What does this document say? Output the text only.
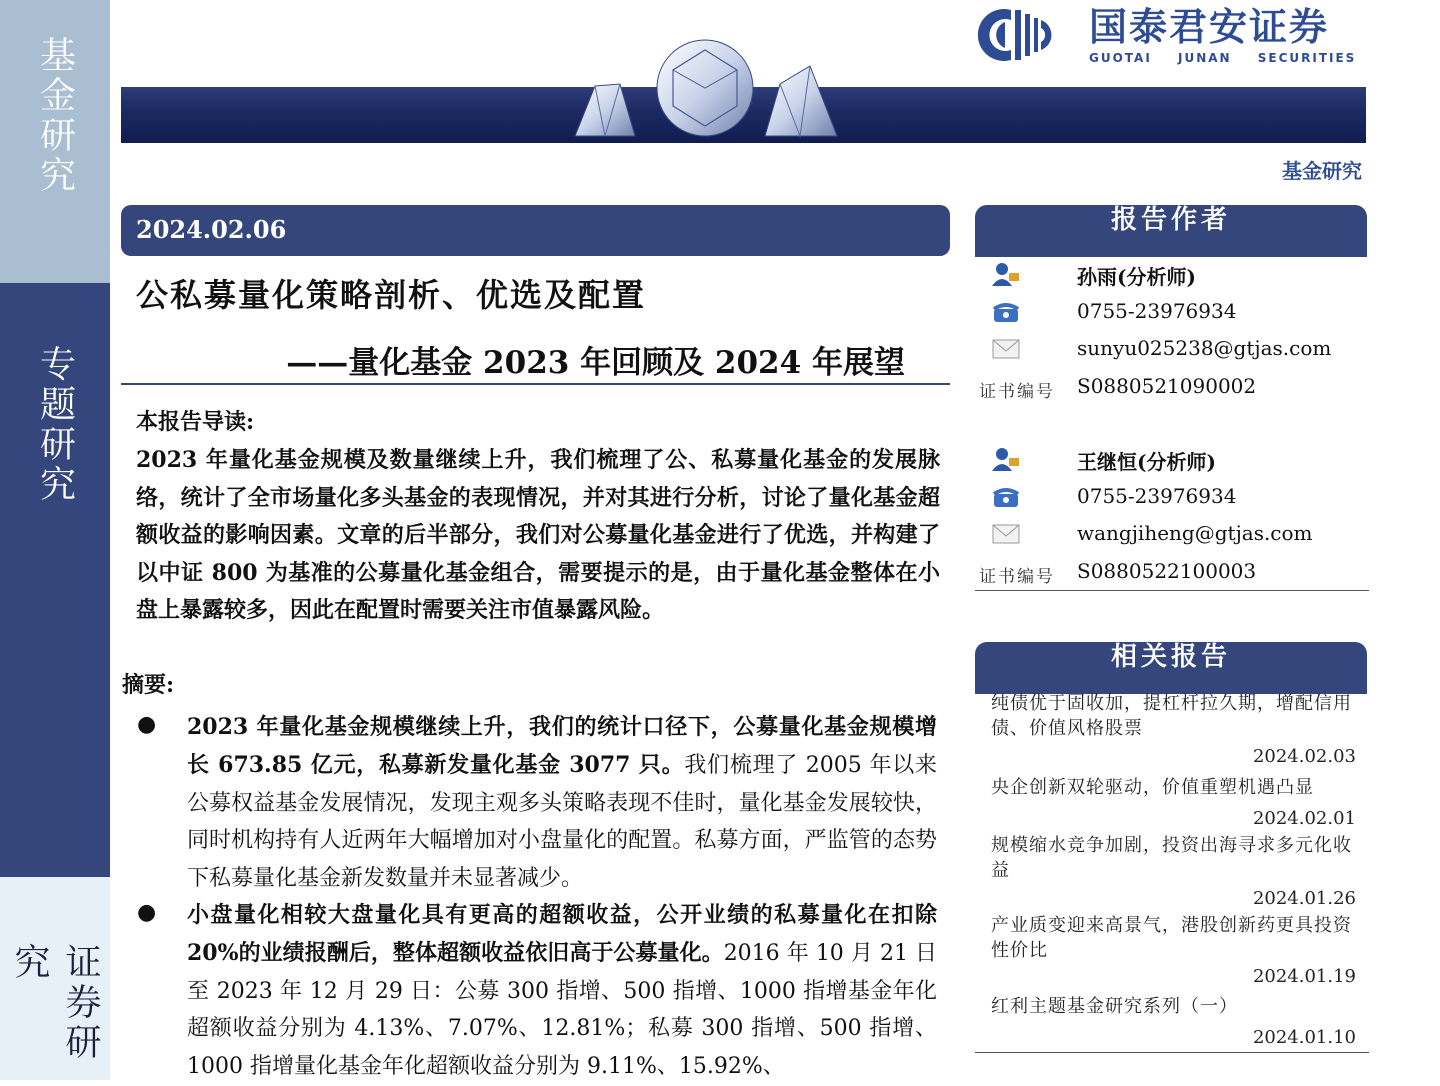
基金研究
专题研究
证券研究
国泰君安证券
GUOTAI JUNAN SECURITIES
基金研究
2024.02.06
公私募量化策略剖析、优选及配置
——量化基金 2023 年回顾及 2024 年展望
本报告导读:
2023 年量化基金规模及数量继续上升，我们梳理了公、私募量化基金的发展脉络，统计了全市场量化多头基金的表现情况，并对其进行分析，讨论了量化基金超额收益的影响因素。文章的后半部分，我们对公募量化基金进行了优选，并构建了以中证 800 为基准的公募量化基金组合，需要提示的是，由于量化基金整体在小盘上暴露较多，因此在配置时需要关注市值暴露风险。
摘要:
●	2023 年量化基金规模继续上升，我们的统计口径下，公募量化基金规模增长 673.85 亿元，私募新发量化基金 3077 只。我们梳理了 2005 年以来公募权益基金发展情况，发现主观多头策略表现不佳时，量化基金发展较快，同时机构持有人近两年大幅增加对小盘量化的配置。私募方面，严监管的态势下私募量化基金新发数量并未显著减少。
●	小盘量化相较大盘量化具有更高的超额收益，公开业绩的私募量化在扣除 20%的业绩报酬后，整体超额收益依旧高于公募量化。2016 年 10 月 21 日至 2023 年 12 月 29 日：公募 300 指增、500 指增、1000 指增基金年化超额收益分别为 4.13%、7.07%、12.81%；私募 300 指增、500 指增、1000 指增量化基金年化超额收益分别为 9.11%、15.92%、
报告作者
孙雨(分析师)
0755-23976934
sunyu025238@gtjas.com
证书编号 S0880521090002
王继恒(分析师)
0755-23976934
wangjiheng@gtjas.com
证书编号 S0880522100003
相关报告
纯债优于固收加，提杠杆拉久期，增配信用债、价值风格股票
2024.02.03
央企创新双轮驱动，价值重塑机遇凸显
2024.02.01
规模缩水竞争加剧，投资出海寻求多元化收益
2024.01.26
产业质变迎来高景气，港股创新药更具投资性价比
2024.01.19
红利主题基金研究系列（一）
2024.01.10
